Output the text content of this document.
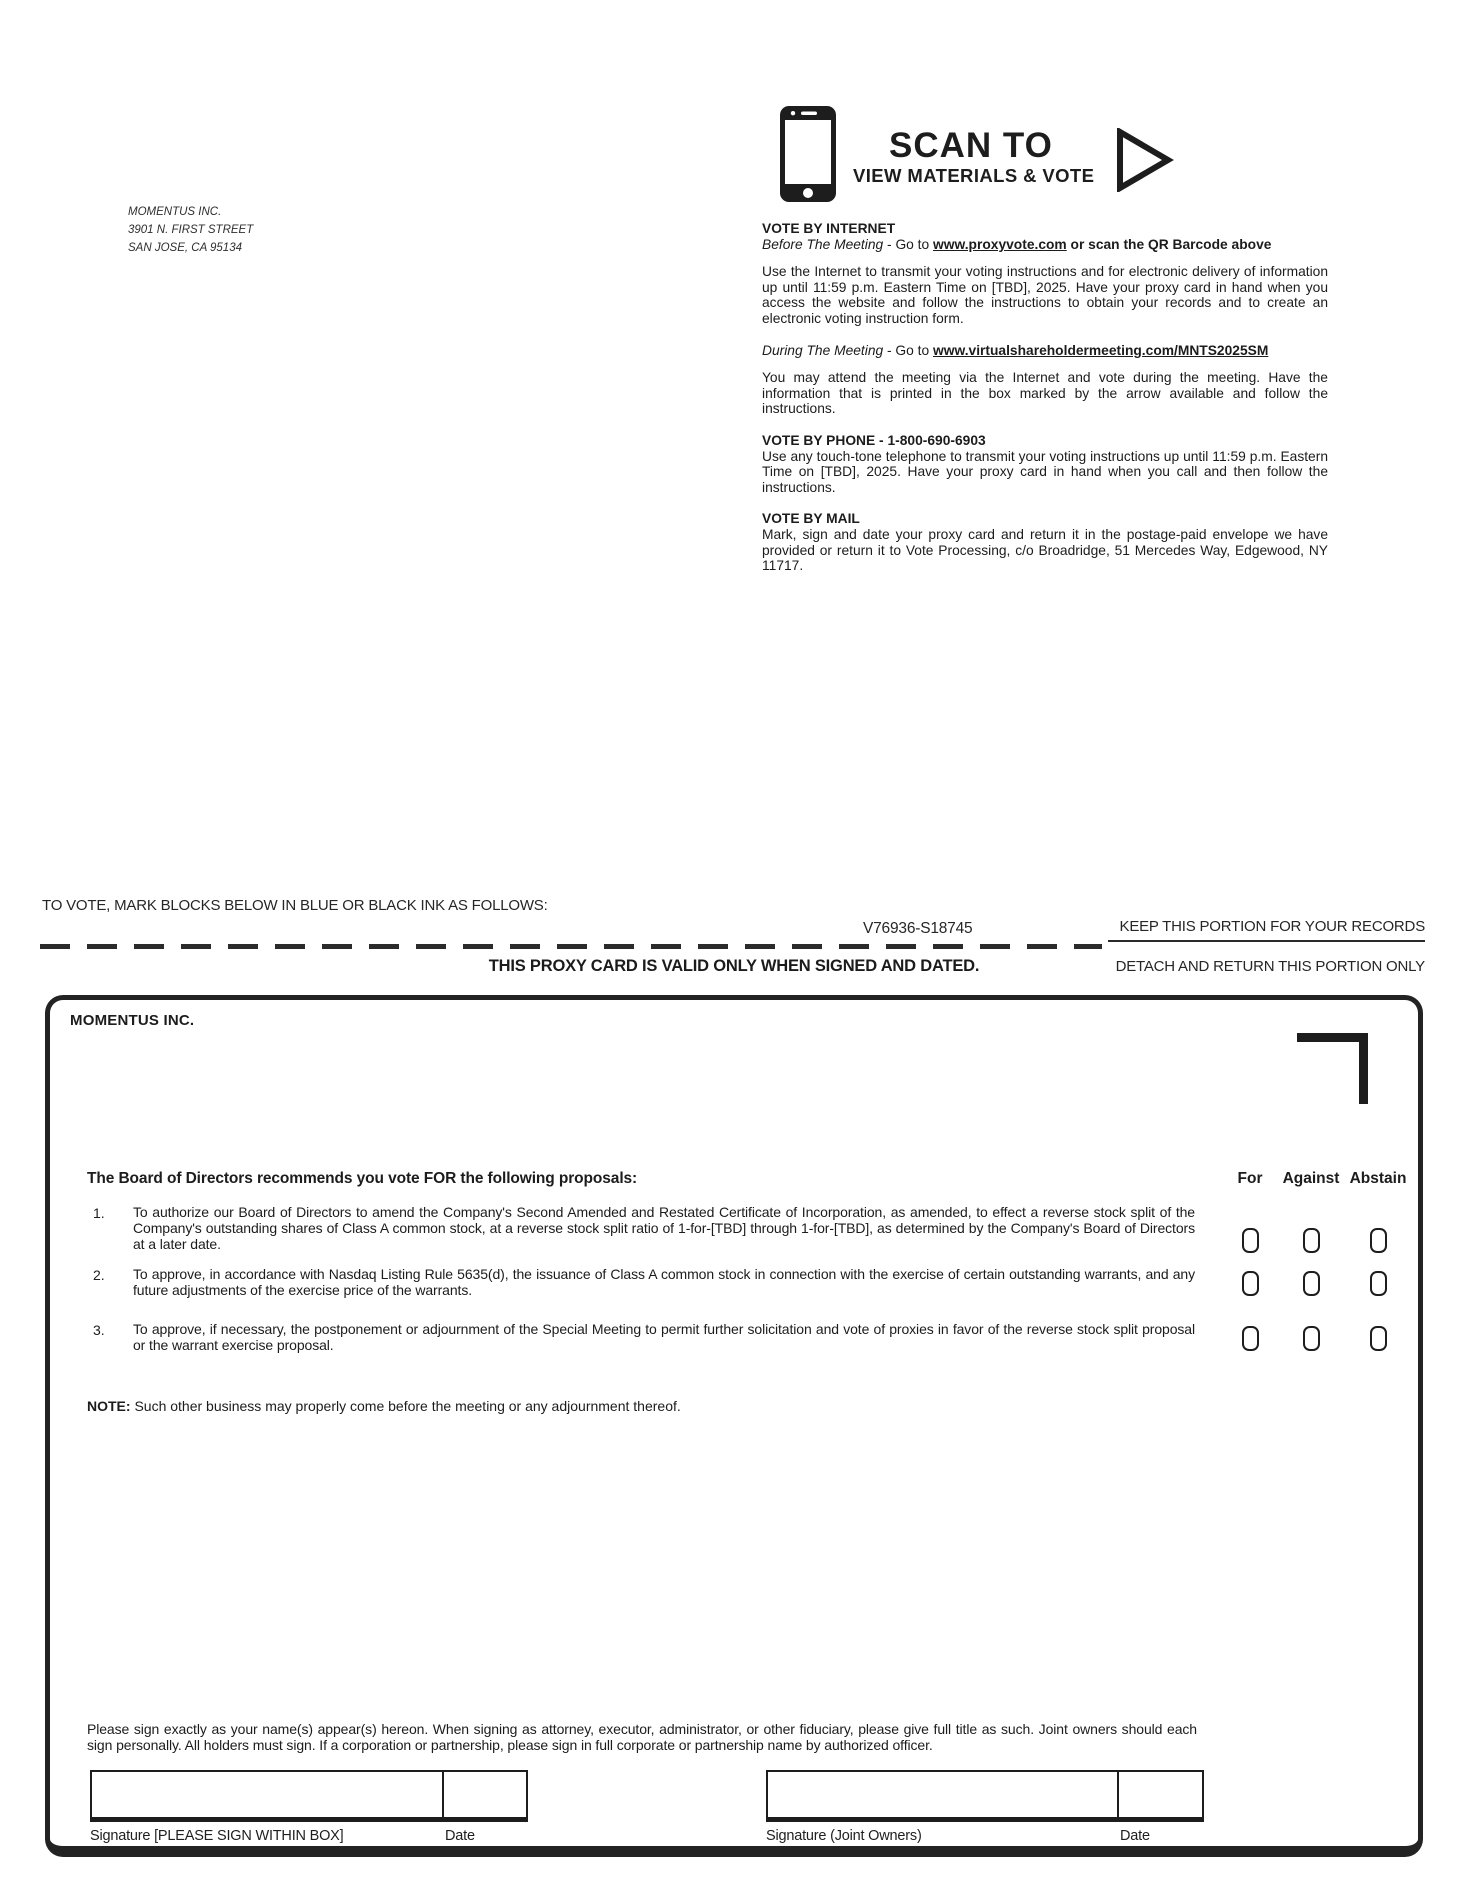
MOMENTUS INC.
3901 N. FIRST STREET
SAN JOSE, CA 95134
SCAN TO
VIEW MATERIALS & VOTE
VOTE BY INTERNET
Before The Meeting - Go to www.proxyvote.com or scan the QR Barcode above

Use the Internet to transmit your voting instructions and for electronic delivery of information up until 11:59 p.m. Eastern Time on [TBD], 2025. Have your proxy card in hand when you access the website and follow the instructions to obtain your records and to create an electronic voting instruction form.

During The Meeting - Go to www.virtualshareholdermeeting.com/MNTS2025SM

You may attend the meeting via the Internet and vote during the meeting. Have the information that is printed in the box marked by the arrow available and follow the instructions.

VOTE BY PHONE - 1-800-690-6903

Use any touch-tone telephone to transmit your voting instructions up until 11:59 p.m. Eastern Time on [TBD], 2025. Have your proxy card in hand when you call and then follow the instructions.

VOTE BY MAIL

Mark, sign and date your proxy card and return it in the postage-paid envelope we have provided or return it to Vote Processing, c/o Broadridge, 51 Mercedes Way, Edgewood, NY 11717.

TO VOTE, MARK BLOCKS BELOW IN BLUE OR BLACK INK AS FOLLOWS:
V76936-S18745	KEEP THIS PORTION FOR YOUR RECORDS
THIS PROXY CARD IS VALID ONLY WHEN SIGNED AND DATED.	DETACH AND RETURN THIS PORTION ONLY
MOMENTUS INC.
The Board of Directors recommends you vote FOR the following proposals:	For	Against Abstain
1. To authorize our Board of Directors to amend the Company's Second Amended and Restated Certificate of Incorporation, as amended, to effect a reverse stock split of the Company's outstanding shares of Class A common stock, at a reverse stock split ratio of 1-for-[TBD] through 1-for-[TBD], as determined by the Company's Board of Directors at a later date.
2. To approve, in accordance with Nasdaq Listing Rule 5635(d), the issuance of Class A common stock in connection with the exercise of certain outstanding warrants, and any future adjustments of the exercise price of the warrants.
3. To approve, if necessary, the postponement or adjournment of the Special Meeting to permit further solicitation and vote of proxies in favor of the reverse stock split proposal or the warrant exercise proposal.
NOTE: Such other business may properly come before the meeting or any adjournment thereof.
Please sign exactly as your name(s) appear(s) hereon. When signing as attorney, executor, administrator, or other fiduciary, please give full title as such. Joint owners should each sign personally. All holders must sign. If a corporation or partnership, please sign in full corporate or partnership name by authorized officer.
Signature [PLEASE SIGN WITHIN BOX]	Date	Signature (Joint Owners)	Date
